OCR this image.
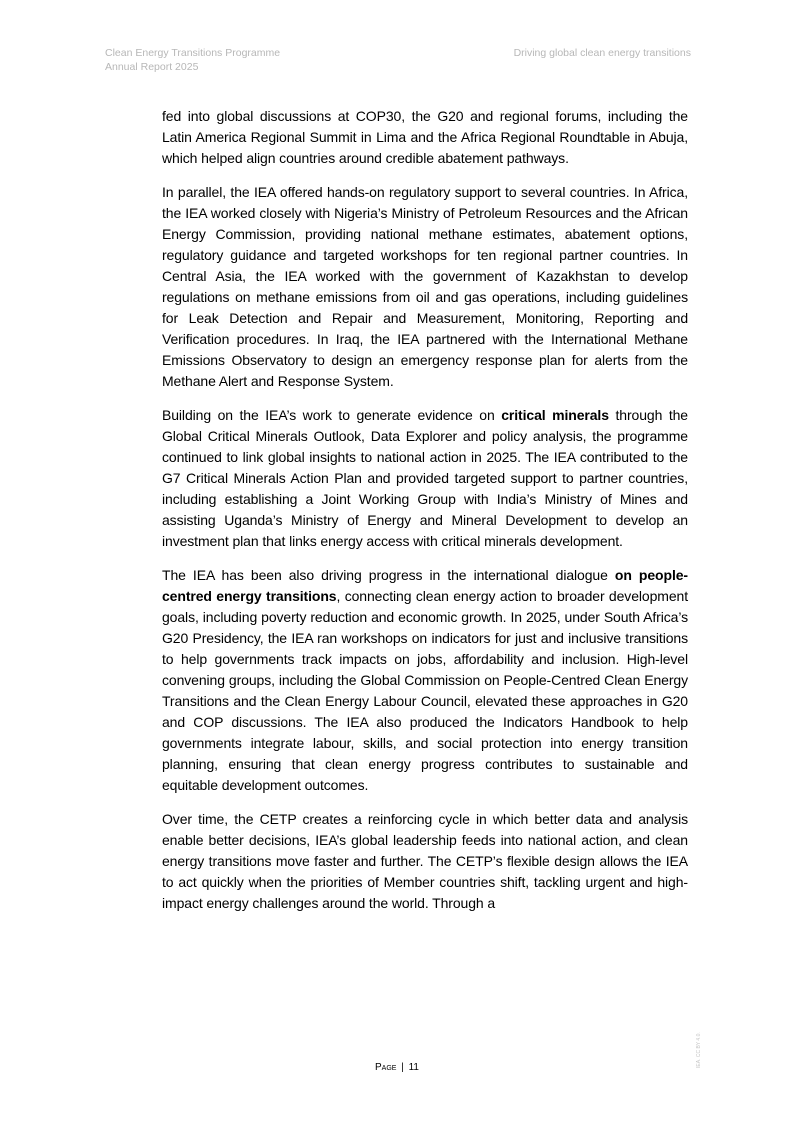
Clean Energy Transitions Programme
Annual Report 2025
Driving global clean energy transitions

fed into global discussions at COP30, the G20 and regional forums, including the Latin America Regional Summit in Lima and the Africa Regional Roundtable in Abuja, which helped align countries around credible abatement pathways.

In parallel, the IEA offered hands-on regulatory support to several countries. In Africa, the IEA worked closely with Nigeria’s Ministry of Petroleum Resources and the African Energy Commission, providing national methane estimates, abatement options, regulatory guidance and targeted workshops for ten regional partner countries. In Central Asia, the IEA worked with the government of Kazakhstan to develop regulations on methane emissions from oil and gas operations, including guidelines for Leak Detection and Repair and Measurement, Monitoring, Reporting and Verification procedures. In Iraq, the IEA partnered with the International Methane Emissions Observatory to design an emergency response plan for alerts from the Methane Alert and Response System.

Building on the IEA’s work to generate evidence on critical minerals through the Global Critical Minerals Outlook, Data Explorer and policy analysis, the programme continued to link global insights to national action in 2025. The IEA contributed to the G7 Critical Minerals Action Plan and provided targeted support to partner countries, including establishing a Joint Working Group with India’s Ministry of Mines and assisting Uganda’s Ministry of Energy and Mineral Development to develop an investment plan that links energy access with critical minerals development.

The IEA has been also driving progress in the international dialogue on people-centred energy transitions, connecting clean energy action to broader development goals, including poverty reduction and economic growth. In 2025, under South Africa’s G20 Presidency, the IEA ran workshops on indicators for just and inclusive transitions to help governments track impacts on jobs, affordability and inclusion. High-level convening groups, including the Global Commission on People-Centred Clean Energy Transitions and the Clean Energy Labour Council, elevated these approaches in G20 and COP discussions. The IEA also produced the Indicators Handbook to help governments integrate labour, skills, and social protection into energy transition planning, ensuring that clean energy progress contributes to sustainable and equitable development outcomes.

Over time, the CETP creates a reinforcing cycle in which better data and analysis enable better decisions, IEA’s global leadership feeds into national action, and clean energy transitions move faster and further. The CETP’s flexible design allows the IEA to act quickly when the priorities of Member countries shift, tackling urgent and high-impact energy challenges around the world. Through a

Page | 11	IEA. CC BY 4.0.
